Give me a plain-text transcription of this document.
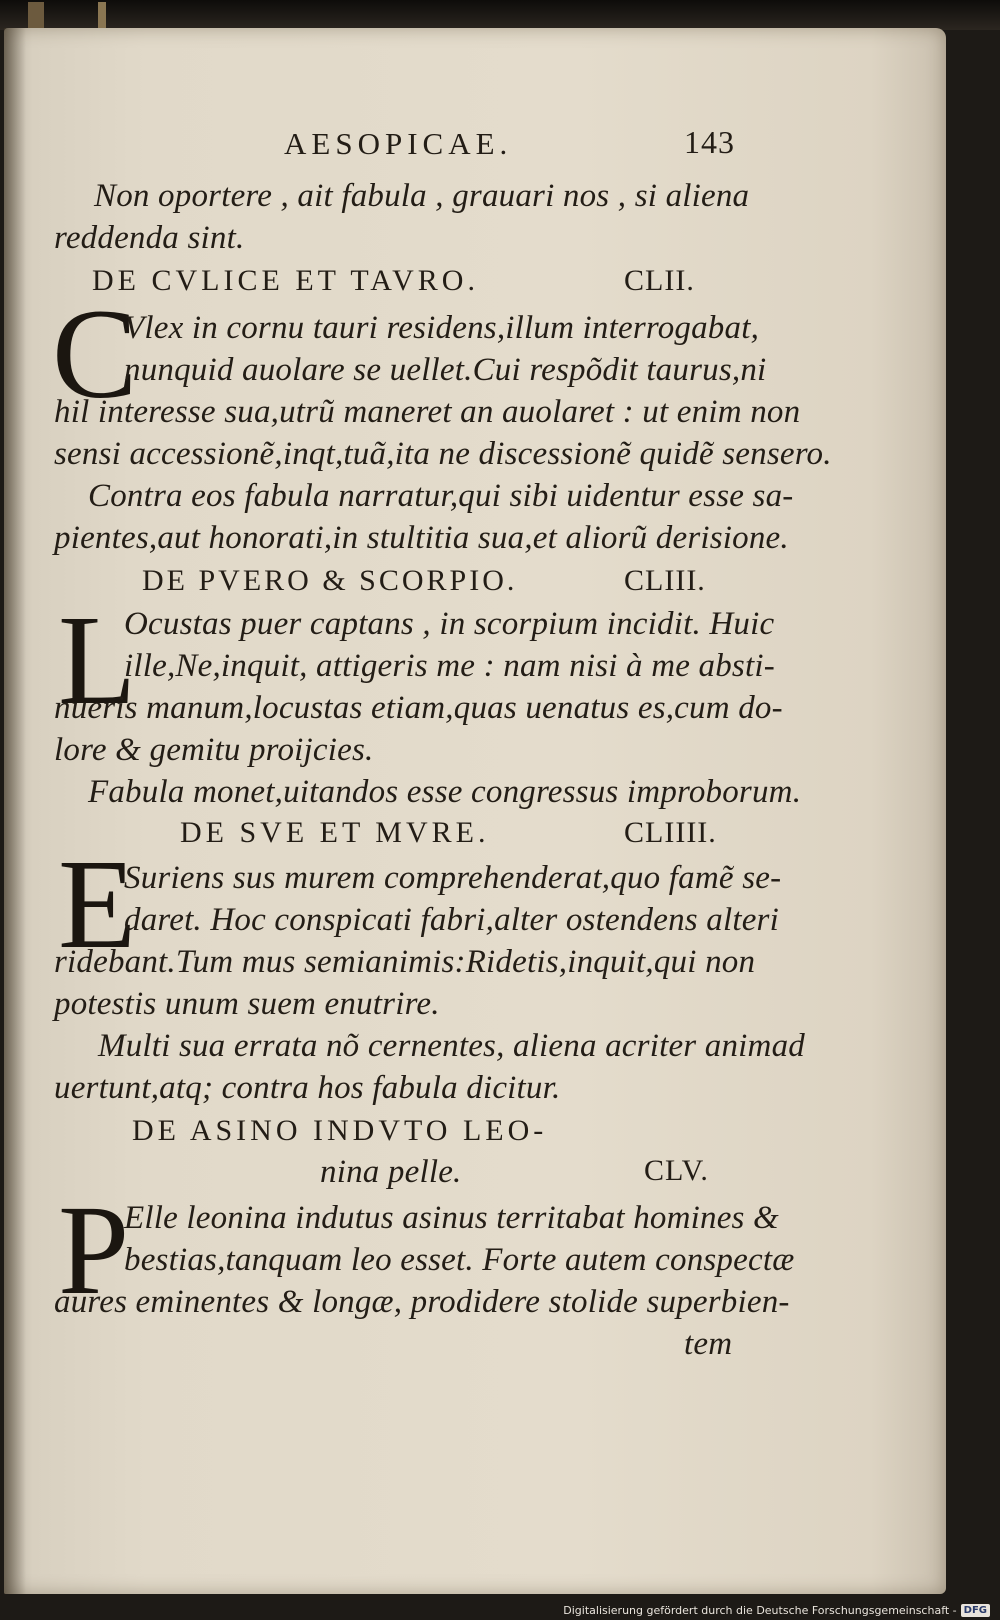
AESOPICAE.	143
Non oportere , ait fabula , grauari nos , si aliena
reddenda sint.
DE CVLICE ET TAVRO.	CLII.
C
Vlex in cornu tauri residens,illum interrogabat,
nunquid auolare se uellet.Cui respõdit taurus,ni
hil interesse sua,utrũ maneret an auolaret : ut enim non
sensi accessionẽ,inqt,tuã,ita ne discessionẽ quidẽ sensero.
Contra eos fabula narratur,qui sibi uidentur esse sa-
pientes,aut honorati,in stultitia sua,et aliorũ derisione.
DE PVERO & SCORPIO.	CLIII.
L
Ocustas puer captans , in scorpium incidit. Huic
ille,Ne,inquit, attigeris me : nam nisi à me absti-
nueris manum,locustas etiam,quas uenatus es,cum do-
lore & gemitu proijcies.
Fabula monet,uitandos esse congressus improborum.
DE SVE ET MVRE.	CLIIII.
E
Suriens sus murem comprehenderat,quo famẽ se-
daret. Hoc conspicati fabri,alter ostendens alteri
ridebant.Tum mus semianimis:Ridetis,inquit,qui non
potestis unum suem enutrire.
Multi sua errata nõ cernentes, aliena acriter animad
uertunt,atq; contra hos fabula dicitur.
DE ASINO INDVTO LEO-
nina pelle.	CLV.
P
Elle leonina indutus asinus territabat homines &
bestias,tanquam leo esset. Forte autem conspectæ
aures eminentes & longæ, prodidere stolide superbien-
tem
Digitalisierung gefördert durch die Deutsche Forschungsgemeinschaft - DFG
